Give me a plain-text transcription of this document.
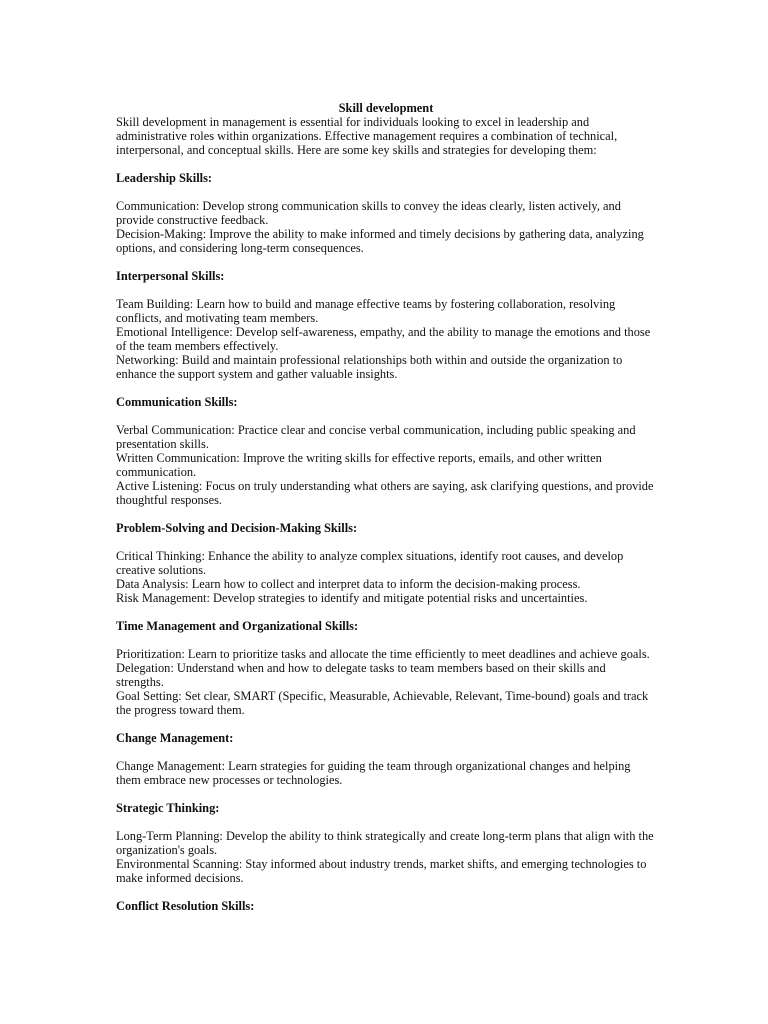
Skill development

Skill development in management is essential for individuals looking to excel in leadership and administrative roles within organizations. Effective management requires a combination of technical, interpersonal, and conceptual skills. Here are some key skills and strategies for developing them:

Leadership Skills:

Communication: Develop strong communication skills to convey the ideas clearly, listen actively, and provide constructive feedback.

Decision-Making: Improve the ability to make informed and timely decisions by gathering data, analyzing options, and considering long-term consequences.

Interpersonal Skills:

Team Building: Learn how to build and manage effective teams by fostering collaboration, resolving conflicts, and motivating team members.

Emotional Intelligence: Develop self-awareness, empathy, and the ability to manage the emotions and those of the team members effectively.

Networking: Build and maintain professional relationships both within and outside the organization to enhance the support system and gather valuable insights.

Communication Skills:

Verbal Communication: Practice clear and concise verbal communication, including public speaking and presentation skills.

Written Communication: Improve the writing skills for effective reports, emails, and other written communication.

Active Listening: Focus on truly understanding what others are saying, ask clarifying questions, and provide thoughtful responses.

Problem-Solving and Decision-Making Skills:

Critical Thinking: Enhance the ability to analyze complex situations, identify root causes, and develop creative solutions.

Data Analysis: Learn how to collect and interpret data to inform the decision-making process.

Risk Management: Develop strategies to identify and mitigate potential risks and uncertainties.

Time Management and Organizational Skills:

Prioritization: Learn to prioritize tasks and allocate the time efficiently to meet deadlines and achieve goals.

Delegation: Understand when and how to delegate tasks to team members based on their skills and strengths.

Goal Setting: Set clear, SMART (Specific, Measurable, Achievable, Relevant, Time-bound) goals and track the progress toward them.

Change Management:

Change Management: Learn strategies for guiding the team through organizational changes and helping them embrace new processes or technologies.

Strategic Thinking:

Long-Term Planning: Develop the ability to think strategically and create long-term plans that align with the organization's goals.

Environmental Scanning: Stay informed about industry trends, market shifts, and emerging technologies to make informed decisions.

Conflict Resolution Skills:
